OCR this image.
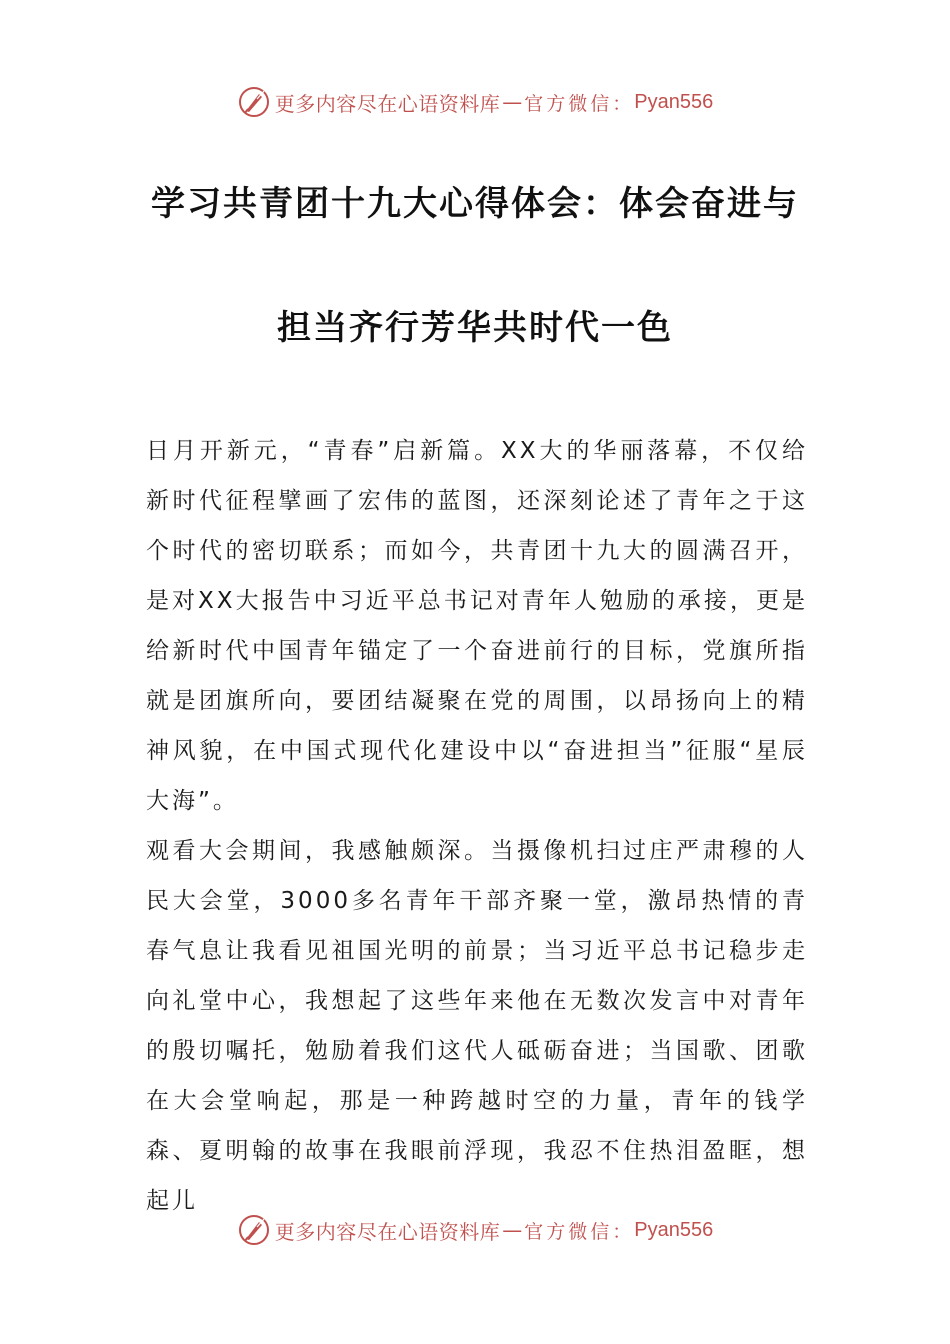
更多内容尽在心语资料库 — 官方微信： Pyan556
学习共青团十九大心得体会：体会奋进与
担当齐行芳华共时代一色

日月开新元，“青春”启新篇。XX大的华丽落幕，不仅给新时代征程擘画了宏伟的蓝图，还深刻论述了青年之于这个时代的密切联系；而如今，共青团十九大的圆满召开，是对XX大报告中习近平总书记对青年人勉励的承接，更是给新时代中国青年锚定了一个奋进前行的目标，党旗所指就是团旗所向，要团结凝聚在党的周围，以昂扬向上的精神风貌，在中国式现代化建设中以“奋进担当”征服“星辰大海”。

观看大会期间，我感触颇深。当摄像机扫过庄严肃穆的人民大会堂，3000多名青年干部齐聚一堂，激昂热情的青春气息让我看见祖国光明的前景；当习近平总书记稳步走向礼堂中心，我想起了这些年来他在无数次发言中对青年的殷切嘱托，勉励着我们这代人砥砺奋进；当国歌、团歌在大会堂响起，那是一种跨越时空的力量，青年的钱学森、夏明翰的故事在我眼前浮现，我忍不住热泪盈眶，想起儿

更多内容尽在心语资料库 — 官方微信： Pyan556
